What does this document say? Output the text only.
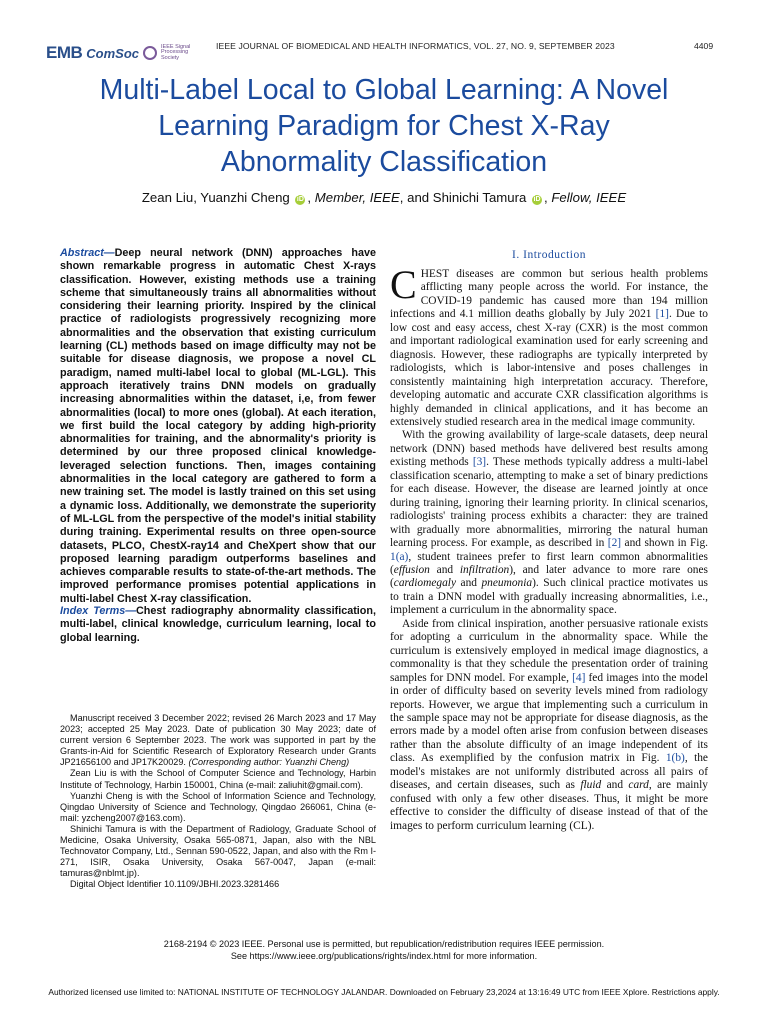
EMB ComSoc	IEEE Signal Processing Society
IEEE JOURNAL OF BIOMEDICAL AND HEALTH INFORMATICS, VOL. 27, NO. 9, SEPTEMBER 2023	4409
Multi-Label Local to Global Learning: A Novel
Learning Paradigm for Chest X-Ray
Abnormality Classification
Zean Liu, Yuanzhi Cheng iD , Member, IEEE, and Shinichi Tamura iD , Fellow, IEEE
Abstract—Deep neural network (DNN) approaches have shown remarkable progress in automatic Chest X-rays classification. However, existing methods use a training scheme that simultaneously trains all abnormalities without considering their learning priority. Inspired by the clinical practice of radiologists progressively recognizing more abnormalities and the observation that existing curriculum learning (CL) methods based on image difficulty may not be suitable for disease diagnosis, we propose a novel CL paradigm, named multi-label local to global (ML-LGL). This approach iteratively trains DNN models on gradually increasing abnormalities within the dataset, i,e, from fewer abnormalities (local) to more ones (global). At each iteration, we first build the local category by adding high-priority abnormalities for training, and the abnormality's priority is determined by our three proposed clinical knowledge-leveraged selection functions. Then, images containing abnormalities in the local category are gathered to form a new training set. The model is lastly trained on this set using a dynamic loss. Additionally, we demonstrate the superiority of ML-LGL from the perspective of the model's initial stability during training. Experimental results on three open-source datasets, PLCO, ChestX-ray14 and CheXpert show that our proposed learning paradigm outperforms baselines and achieves comparable results to state-of-the-art methods. The improved performance promises potential applications in multi-label Chest X-ray classification.
Index Terms—Chest radiography abnormality classification, multi-label, clinical knowledge, curriculum learning, local to global learning.

Manuscript received 3 December 2022; revised 26 March 2023 and 17 May 2023; accepted 25 May 2023. Date of publication 30 May 2023; date of current version 6 September 2023. The work was supported in part by the Grants-in-Aid for Scientific Research of Exploratory Research under Grants JP21656100 and JP17K20029. (Corresponding author: Yuanzhi Cheng)

Zean Liu is with the School of Computer Science and Technology, Harbin Institute of Technology, Harbin 150001, China (e-mail: zaliuhit@gmail.com).

Yuanzhi Cheng is with the School of Information Science and Technology, Qingdao University of Science and Technology, Qingdao 266061, China (e-mail: yzcheng2007@163.com).

Shinichi Tamura is with the Department of Radiology, Graduate School of Medicine, Osaka University, Osaka 565-0871, Japan, also with the NBL Technovator Company, Ltd., Sennan 590-0522, Japan, and also with the Rm I-271, ISIR, Osaka University, Osaka 567-0047, Japan (e-mail: tamuras@nblmt.jp).

Digital Object Identifier 10.1109/JBHI.2023.3281466

I. Introduction

CHEST diseases are common but serious health problems afflicting many people across the world. For instance, the COVID-19 pandemic has caused more than 194 million infections and 4.1 million deaths globally by July 2021 [1]. Due to low cost and easy access, chest X-ray (CXR) is the most common and important radiological examination used for early screening and diagnosis. However, these radiographs are typically interpreted by radiologists, which is labor-intensive and poses challenges in consistently maintaining high interpretation accuracy. Therefore, developing automatic and accurate CXR classification algorithms is highly demanded in clinical applications, and it has become an extensively studied research area in the medical image community.

With the growing availability of large-scale datasets, deep neural network (DNN) based methods have delivered best results among existing methods [3]. These methods typically address a multi-label classification scenario, attempting to make a set of binary predictions for each disease. However, the disease are learned jointly at once during training, ignoring their learning priority. In clinical scenarios, radiologists' training process exhibits a character: they are trained with gradually more abnormalities, mirroring the natural human learning process. For example, as described in [2] and shown in Fig. 1(a), student trainees prefer to first learn common abnormalities (effusion and infiltration), and later advance to more rare ones (cardiomegaly and pneumonia). Such clinical practice motivates us to train a DNN model with gradually increasing abnormalities, i.e., implement a curriculum in the abnormality space.

Aside from clinical inspiration, another persuasive rationale exists for adopting a curriculum in the abnormality space. While the curriculum is extensively employed in medical image diagnostics, a commonality is that they schedule the presentation order of training samples for DNN model. For example, [4] fed images into the model in order of difficulty based on severity levels mined from radiology reports. However, we argue that implementing such a curriculum in the sample space may not be appropriate for disease diagnosis, as the errors made by a model often arise from confusion between diseases rather than the absolute difficulty of an image independent of its class. As exemplified by the confusion matrix in Fig. 1(b), the model's mistakes are not uniformly distributed across all pairs of diseases, and certain diseases, such as fluid and card, are mainly confused with only a few other diseases. Thus, it might be more effective to consider the difficulty of disease instead of that of the images to perform curriculum learning (CL).

2168-2194 © 2023 IEEE. Personal use is permitted, but republication/redistribution requires IEEE permission.
See https://www.ieee.org/publications/rights/index.html for more information.
Authorized licensed use limited to: NATIONAL INSTITUTE OF TECHNOLOGY JALANDAR. Downloaded on February 23,2024 at 13:16:49 UTC from IEEE Xplore. Restrictions apply.
